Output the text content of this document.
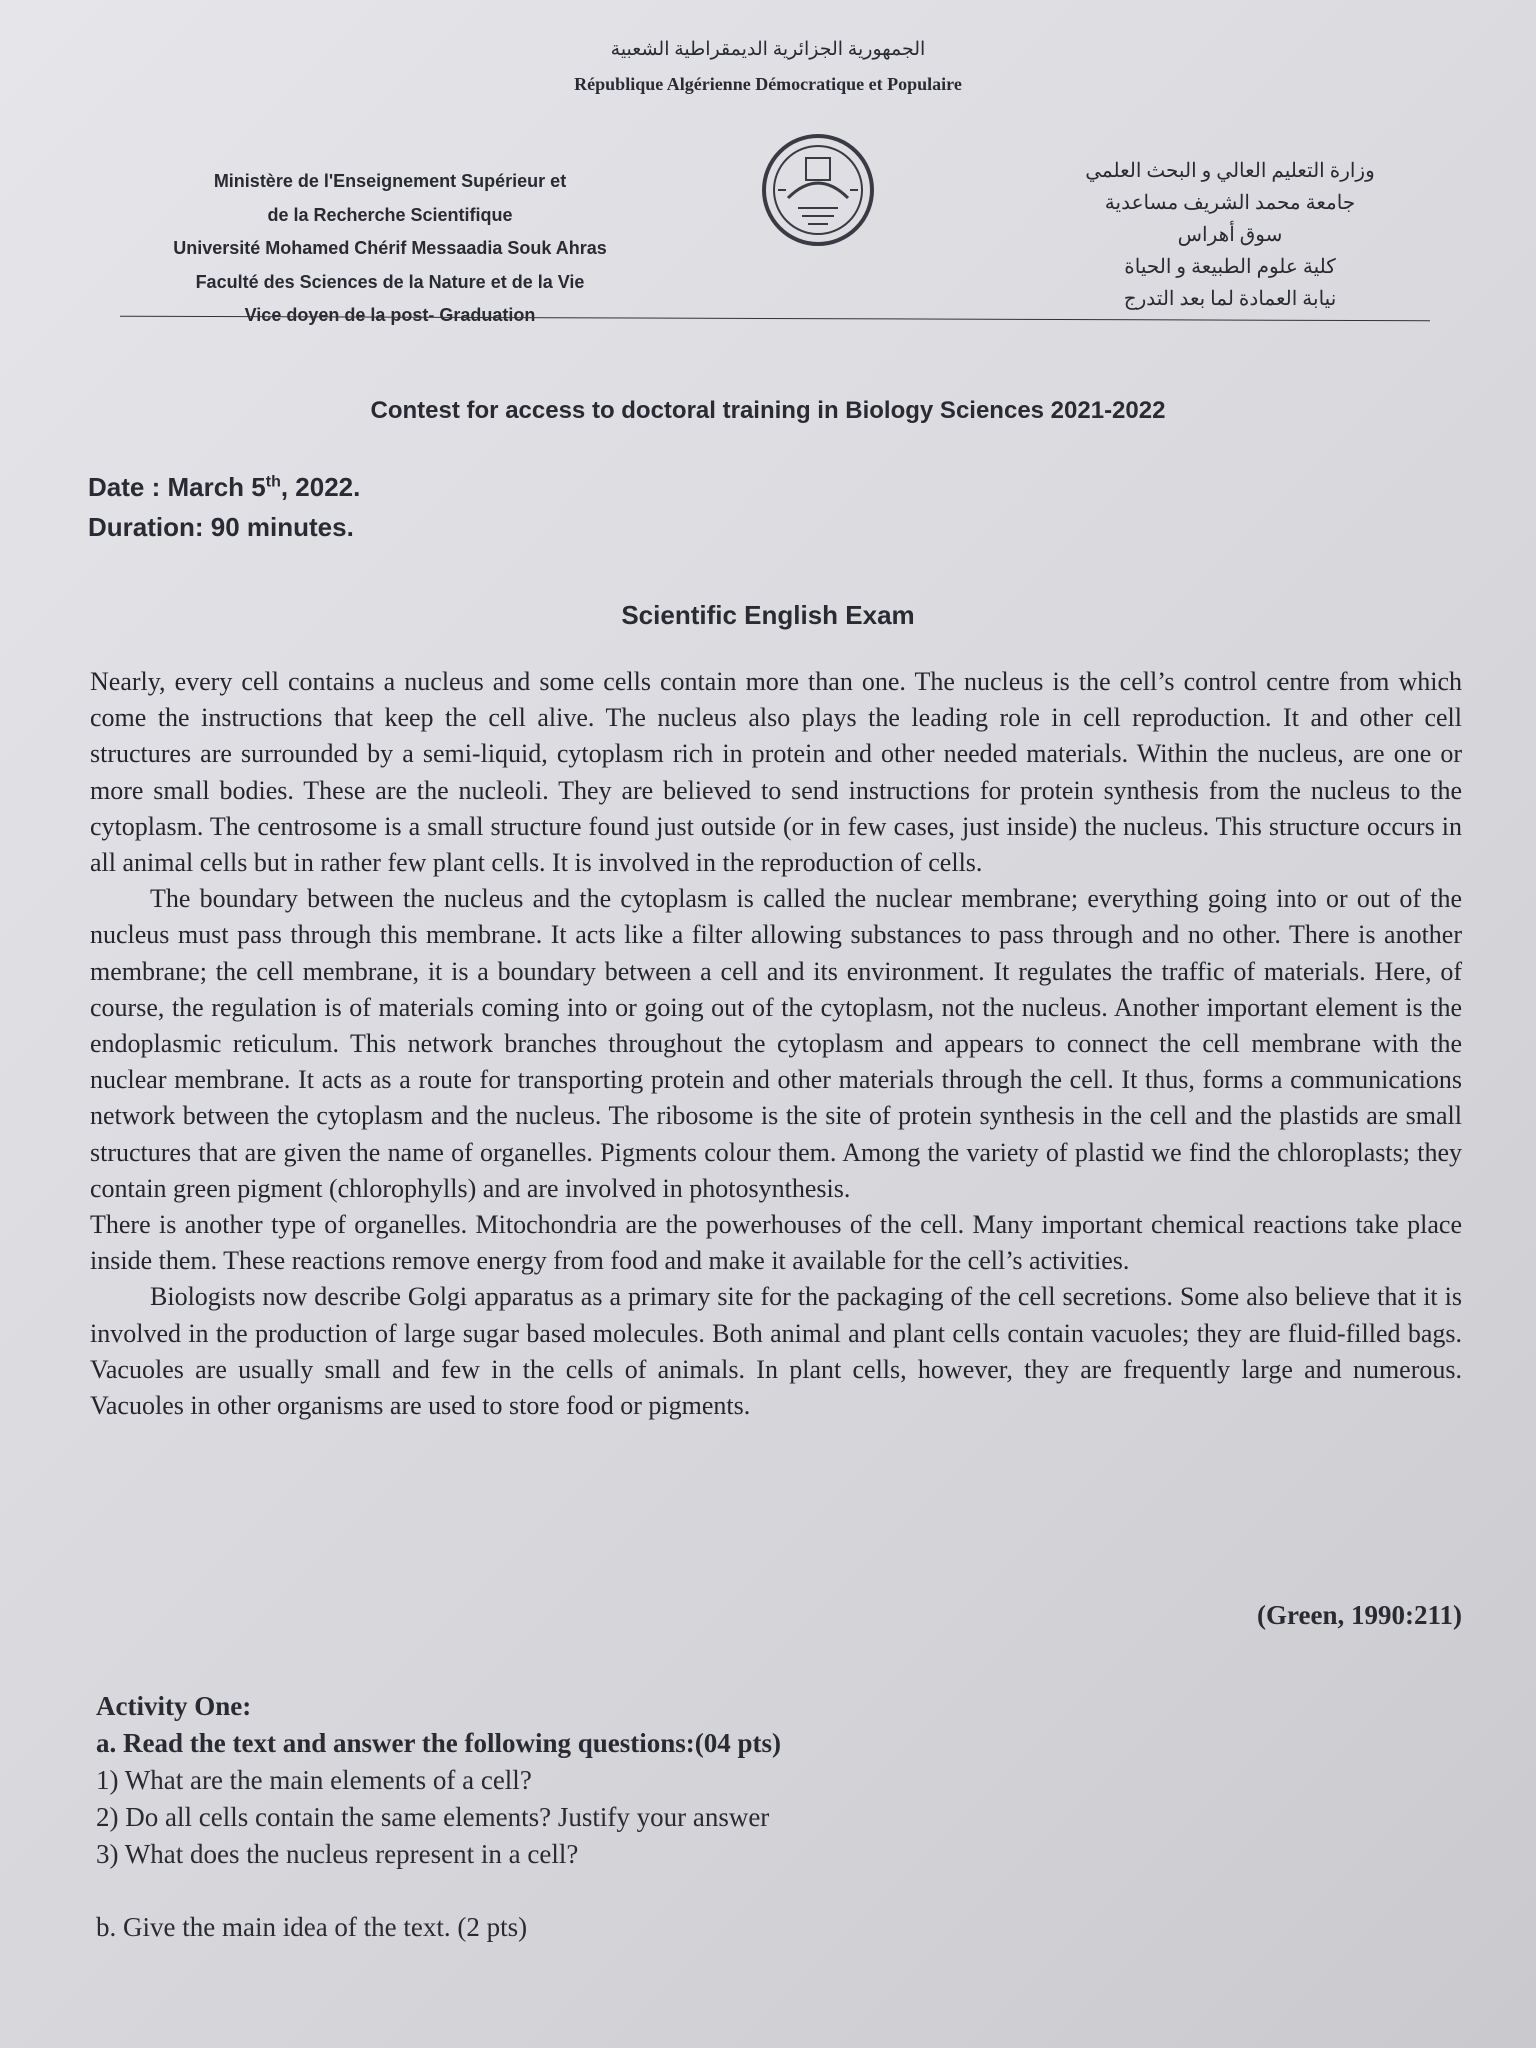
الجمهورية الجزائرية الديمقراطية الشعبية
République Algérienne Démocratique et Populaire
Ministère de l'Enseignement Supérieur et
de la Recherche Scientifique
Université Mohamed Chérif Messaadia Souk Ahras
Faculté des Sciences de la Nature et de la Vie
Vice doyen de la post- Graduation
وزارة التعليم العالي و البحث العلمي
جامعة محمد الشريف مساعدية
سوق أهراس
كلية علوم الطبيعة و الحياة
نيابة العمادة لما بعد التدرج
Contest for access to doctoral training in Biology Sciences 2021-2022
Date : March 5th, 2022.
Duration: 90 minutes.
Scientific English Exam

Nearly, every cell contains a nucleus and some cells contain more than one. The nucleus is the cell’s control centre from which come the instructions that keep the cell alive. The nucleus also plays the leading role in cell reproduction. It and other cell structures are surrounded by a semi-liquid, cytoplasm rich in protein and other needed materials. Within the nucleus, are one or more small bodies. These are the nucleoli. They are believed to send instructions for protein synthesis from the nucleus to the cytoplasm. The centrosome is a small structure found just outside (or in few cases, just inside) the nucleus. This structure occurs in all animal cells but in rather few plant cells. It is involved in the reproduction of cells.

The boundary between the nucleus and the cytoplasm is called the nuclear membrane; everything going into or out of the nucleus must pass through this membrane. It acts like a filter allowing substances to pass through and no other. There is another membrane; the cell membrane, it is a boundary between a cell and its environment. It regulates the traffic of materials. Here, of course, the regulation is of materials coming into or going out of the cytoplasm, not the nucleus. Another important element is the endoplasmic reticulum. This network branches throughout the cytoplasm and appears to connect the cell membrane with the nuclear membrane. It acts as a route for transporting protein and other materials through the cell. It thus, forms a communications network between the cytoplasm and the nucleus. The ribosome is the site of protein synthesis in the cell and the plastids are small structures that are given the name of organelles. Pigments colour them. Among the variety of plastid we find the chloroplasts; they contain green pigment (chlorophylls) and are involved in photosynthesis.

There is another type of organelles. Mitochondria are the powerhouses of the cell. Many important chemical reactions take place inside them. These reactions remove energy from food and make it available for the cell’s activities.

Biologists now describe Golgi apparatus as a primary site for the packaging of the cell secretions. Some also believe that it is involved in the production of large sugar based molecules. Both animal and plant cells contain vacuoles; they are fluid-filled bags. Vacuoles are usually small and few in the cells of animals. In plant cells, however, they are frequently large and numerous. Vacuoles in other organisms are used to store food or pigments.

(Green, 1990:211)
Activity One:
a. Read the text and answer the following questions:(04 pts)
1) What are the main elements of a cell?
2) Do all cells contain the same elements? Justify your answer
3) What does the nucleus represent in a cell?
b. Give the main idea of the text. (2 pts)
